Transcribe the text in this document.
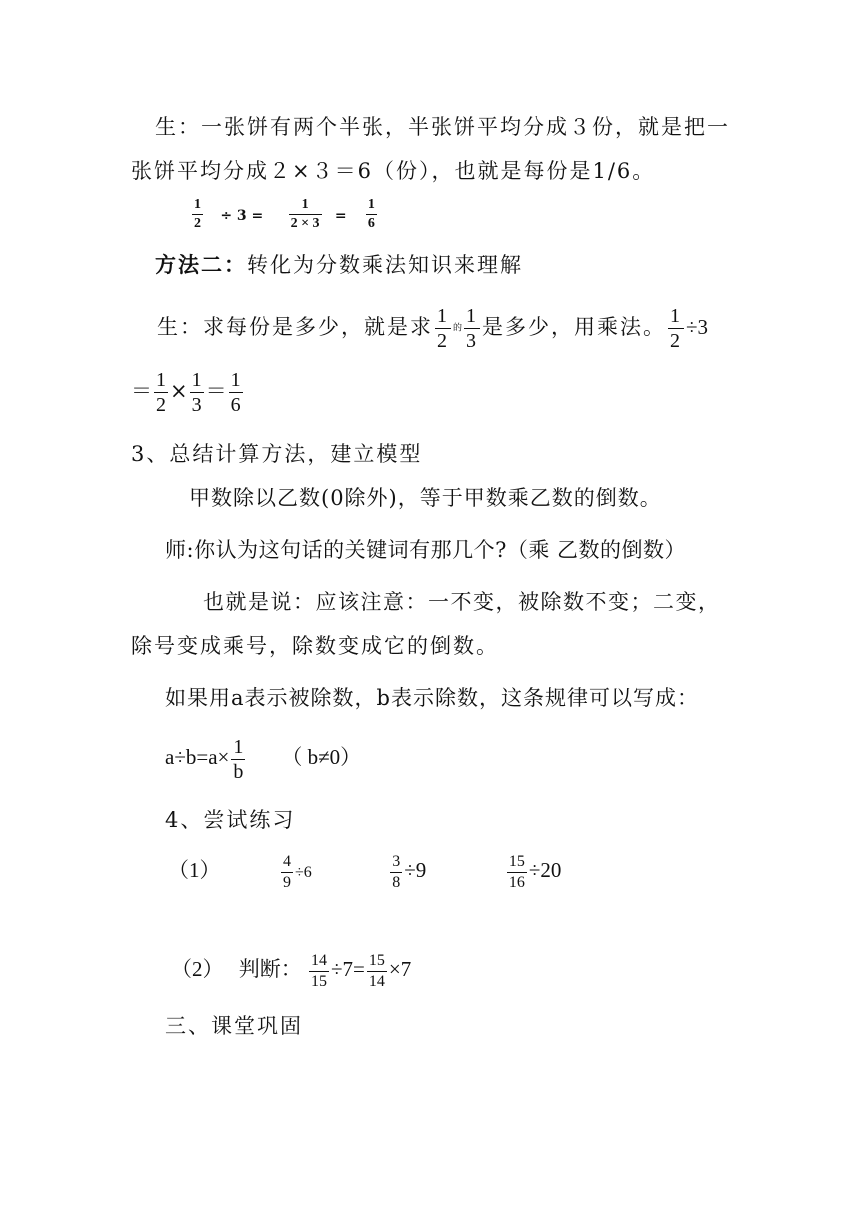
生：一张饼有两个半张，半张饼平均分成３份，就是把一
张饼平均分成２×３＝6（份），也就是每份是1/6。
$\frac{1}{2} \div 3 = \frac{1}{2 \times 3} = \frac{1}{6}$
方法二：转化为分数乘法知识来理解
生：求每份是多少，就是求 $\frac{1}{2}$ 的 $\frac{1}{3}$ 是多少，用乘法。 $\frac{1}{2} \div 3$
＝ $\frac{1}{2} \times \frac{1}{3} = \frac{1}{6}$
3、总结计算方法，建立模型
甲数除以乙数(0除外)，等于甲数乘乙数的倒数。
师:你认为这句话的关键词有那几个?（乘 乙数的倒数）
也就是说：应该注意：一不变，被除数不变；二变，
除号变成乘号，除数变成它的倒数。
如果用a表示被除数，b表示除数，这条规律可以写成：
$a\div b=a\times \frac{1}{b}$ （ b≠0）
4、尝试练习
（1）	$\frac{4}{9} \div 6$	$\frac{3}{8} \div 9$	$\frac{15}{16} \div 20$
（2） 判断： $\frac{14}{15} \div 7= \frac{15}{14} \times 7$
三、课堂巩固
